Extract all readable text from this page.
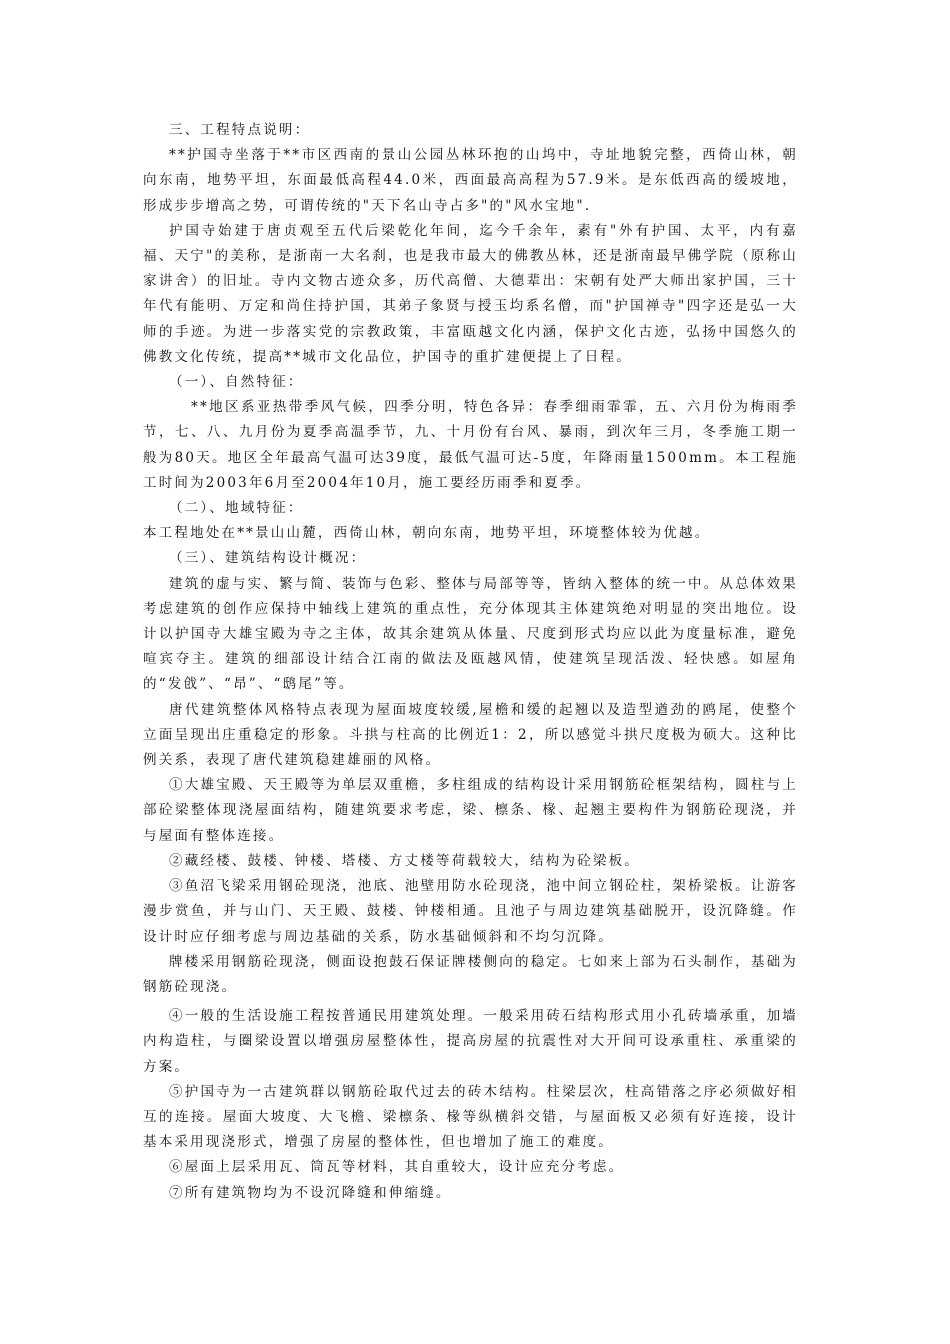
三、工程特点说明：

**护国寺坐落于**市区西南的景山公园丛林环抱的山坞中，寺址地貌完整，西倚山林，朝向东南，地势平坦，东面最低高程44.0米，西面最高高程为57.9米。是东低西高的缓坡地，形成步步增高之势，可谓传统的"天下名山寺占多"的"风水宝地".

护国寺始建于唐贞观至五代后梁乾化年间，迄今千余年，素有"外有护国、太平，内有嘉福、天宁"的美称，是浙南一大名刹，也是我市最大的佛教丛林，还是浙南最早佛学院（原称山家讲舍）的旧址。寺内文物古迹众多，历代高僧、大德辈出：宋朝有处严大师出家护国，三十年代有能明、万定和尚住持护国，其弟子象贤与授玉均系名僧，而"护国禅寺"四字还是弘一大师的手迹。为进一步落实党的宗教政策，丰富瓯越文化内涵，保护文化古迹，弘扬中国悠久的佛教文化传统，提高**城市文化品位，护国寺的重扩建便提上了日程。

（一）、自然特征：

**地区系亚热带季风气候，四季分明，特色各异：春季细雨霏霏，五、六月份为梅雨季节，七、八、九月份为夏季高温季节，九、十月份有台风、暴雨，到次年三月，冬季施工期一般为80天。地区全年最高气温可达39度，最低气温可达-5度，年降雨量1500mm。本工程施工时间为2003年6月至2004年10月，施工要经历雨季和夏季。

（二）、地域特征：

本工程地处在**景山山麓，西倚山林，朝向东南，地势平坦，环境整体较为优越。

（三）、建筑结构设计概况：

建筑的虚与实、繁与简、装饰与色彩、整体与局部等等，皆纳入整体的统一中。从总体效果考虑建筑的创作应保持中轴线上建筑的重点性，充分体现其主体建筑绝对明显的突出地位。设计以护国寺大雄宝殿为寺之主体，故其余建筑从体量、尺度到形式均应以此为度量标准，避免喧宾夺主。建筑的细部设计结合江南的做法及瓯越风情，使建筑呈现活泼、轻快感。如屋角的“发戗”、“昂”、“鸱尾”等。

唐代建筑整体风格特点表现为屋面坡度较缓,屋檐和缓的起翘以及造型遒劲的鸥尾，使整个立面呈现出庄重稳定的形象。斗拱与柱高的比例近1：2，所以感觉斗拱尺度极为硕大。这种比例关系，表现了唐代建筑稳建雄丽的风格。

①大雄宝殿、天王殿等为单层双重檐，多柱组成的结构设计采用钢筋砼框架结构，圆柱与上部砼梁整体现浇屋面结构，随建筑要求考虑，梁、檩条、椽、起翘主要构件为钢筋砼现浇，并与屋面有整体连接。

②藏经楼、鼓楼、钟楼、塔楼、方丈楼等荷载较大，结构为砼梁板。

③鱼沼飞梁采用钢砼现浇，池底、池壁用防水砼现浇，池中间立钢砼柱，架桥梁板。让游客漫步赏鱼，并与山门、天王殿、鼓楼、钟楼相通。且池子与周边建筑基础脱开，设沉降缝。作设计时应仔细考虑与周边基础的关系，防水基础倾斜和不均匀沉降。

牌楼采用钢筋砼现浇，侧面设抱鼓石保证牌楼侧向的稳定。七如来上部为石头制作，基础为钢筋砼现浇。

④一般的生活设施工程按普通民用建筑处理。一般采用砖石结构形式用小孔砖墙承重，加墙内构造柱，与圈梁设置以增强房屋整体性，提高房屋的抗震性对大开间可设承重柱、承重梁的方案。

⑤护国寺为一古建筑群以钢筋砼取代过去的砖木结构。柱梁层次，柱高错落之序必须做好相互的连接。屋面大坡度、大飞檐、梁檩条、椽等纵横斜交错，与屋面板又必须有好连接，设计基本采用现浇形式，增强了房屋的整体性，但也增加了施工的难度。

⑥屋面上层采用瓦、筒瓦等材料，其自重较大，设计应充分考虑。

⑦所有建筑物均为不设沉降缝和伸缩缝。
